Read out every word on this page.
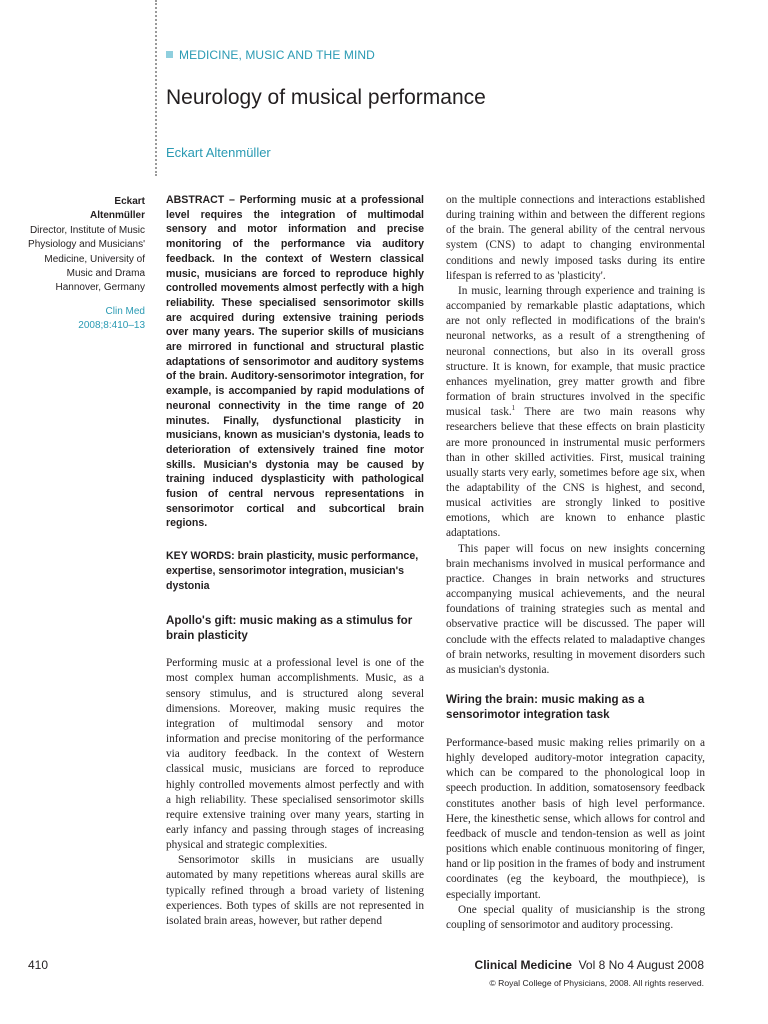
MEDICINE, MUSIC AND THE MIND
Neurology of musical performance
Eckart Altenmüller
Eckart
Altenmüller
Director, Institute of Music Physiology and Musicians' Medicine, University of Music and Drama Hannover, Germany
Clin Med
2008;8:410–13

ABSTRACT – Performing music at a professional level requires the integration of multimodal sensory and motor information and precise monitoring of the performance via auditory feedback. In the context of Western classical music, musicians are forced to reproduce highly controlled movements almost perfectly with a high reliability. These specialised sensorimotor skills are acquired during extensive training periods over many years. The superior skills of musicians are mirrored in functional and structural plastic adaptations of sensorimotor and auditory systems of the brain. Auditory-sensorimotor integration, for example, is accompanied by rapid modulations of neuronal connectivity in the time range of 20 minutes. Finally, dysfunctional plasticity in musicians, known as musician's dystonia, leads to deterioration of extensively trained fine motor skills. Musician's dystonia may be caused by training induced dysplasticity with pathological fusion of central nervous representations in sensorimotor cortical and subcortical brain regions.

KEY WORDS: brain plasticity, music performance, expertise, sensorimotor integration, musician's dystonia

Apollo's gift: music making as a stimulus for brain plasticity

Performing music at a professional level is one of the most complex human accomplishments. Music, as a sensory stimulus, and is structured along several dimensions. Moreover, making music requires the integration of multimodal sensory and motor information and precise monitoring of the performance via auditory feedback. In the context of Western classical music, musicians are forced to reproduce highly controlled movements almost perfectly and with a high reliability. These specialised sensorimotor skills require extensive training over many years, starting in early infancy and passing through stages of increasing physical and strategic complexities.

Sensorimotor skills in musicians are usually automated by many repetitions whereas aural skills are typically refined through a broad variety of listening experiences. Both types of skills are not represented in isolated brain areas, however, but rather depend

on the multiple connections and interactions established during training within and between the different regions of the brain. The general ability of the central nervous system (CNS) to adapt to changing environmental conditions and newly imposed tasks during its entire lifespan is referred to as 'plasticity'.

In music, learning through experience and training is accompanied by remarkable plastic adaptations, which are not only reflected in modifications of the brain's neuronal networks, as a result of a strengthening of neuronal connections, but also in its overall gross structure. It is known, for example, that music practice enhances myelination, grey matter growth and fibre formation of brain structures involved in the specific musical task.$^1$ There are two main reasons why researchers believe that these effects on brain plasticity are more pronounced in instrumental music performers than in other skilled activities. First, musical training usually starts very early, sometimes before age six, when the adaptability of the CNS is highest, and second, musical activities are strongly linked to positive emotions, which are known to enhance plastic adaptations.

This paper will focus on new insights concerning brain mechanisms involved in musical performance and practice. Changes in brain networks and structures accompanying musical achievements, and the neural foundations of training strategies such as mental and observative practice will be discussed. The paper will conclude with the effects related to maladaptive changes of brain networks, resulting in movement disorders such as musician's dystonia.

Wiring the brain: music making as a sensorimotor integration task

Performance-based music making relies primarily on a highly developed auditory-motor integration capacity, which can be compared to the phonological loop in speech production. In addition, somatosensory feedback constitutes another basis of high level performance. Here, the kinesthetic sense, which allows for control and feedback of muscle and tendon-tension as well as joint positions which enable continuous monitoring of finger, hand or lip position in the frames of body and instrument coordinates (eg the keyboard, the mouthpiece), is especially important.

One special quality of musicianship is the strong coupling of sensorimotor and auditory processing.

410	Clinical Medicine Vol 8 No 4 August 2008
© Royal College of Physicians, 2008. All rights reserved.
